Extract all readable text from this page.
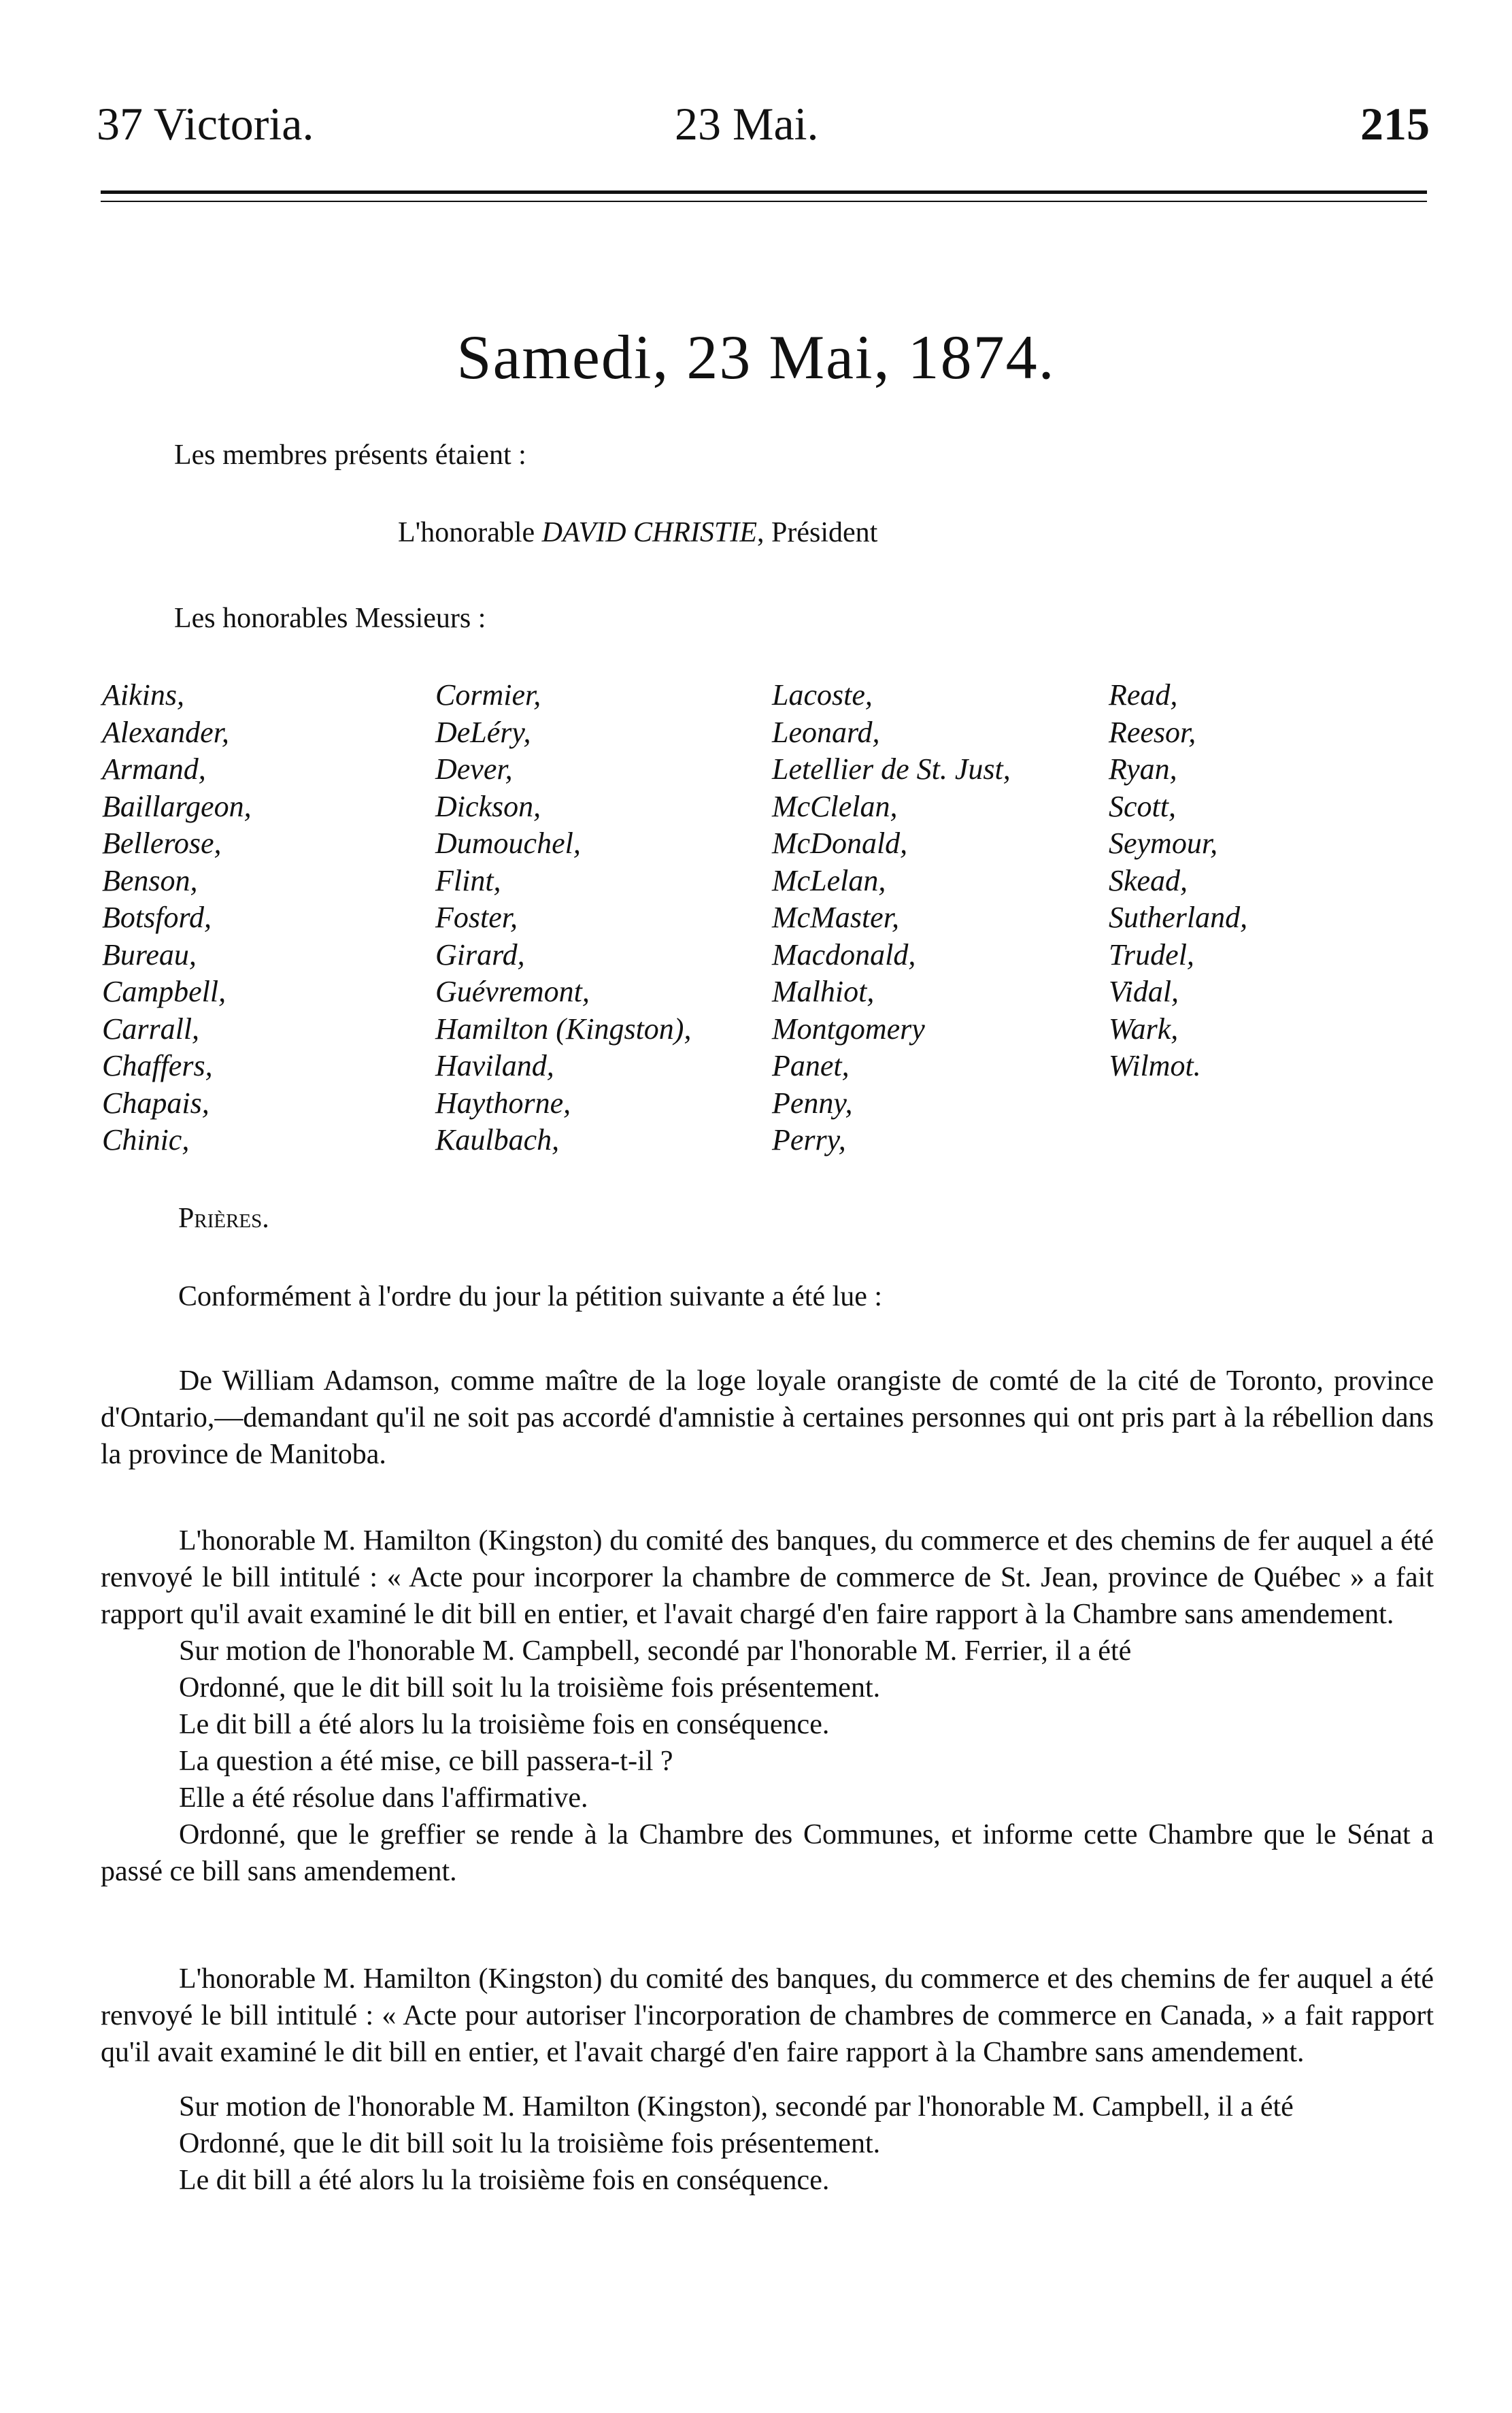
37 Victoria.	23 Mai.	215
Samedi, 23 Mai, 1874.
Les membres présents étaient :
L'honorable DAVID CHRISTIE, Président
Les honorables Messieurs :
Aikins,
Alexander,
Armand,
Baillargeon,
Bellerose,
Benson,
Botsford,
Bureau,
Campbell,
Carrall,
Chaffers,
Chapais,
Chinic,
Cormier,
DeLéry,
Dever,
Dickson,
Dumouchel,
Flint,
Foster,
Girard,
Guévremont,
Hamilton (Kingston),
Haviland,
Haythorne,
Kaulbach,
Lacoste,
Leonard,
Letellier de St. Just,
McClelan,
McDonald,
McLelan,
McMaster,
Macdonald,
Malhiot,
Montgomery
Panet,
Penny,
Perry,
Read,
Reesor,
Ryan,
Scott,
Seymour,
Skead,
Sutherland,
Trudel,
Vidal,
Wark,
Wilmot.
Prières.
Conformément à l'ordre du jour la pétition suivante a été lue :

De William Adamson, comme maître de la loge loyale orangiste de comté de la cité de Toronto, province d'Ontario,—demandant qu'il ne soit pas accordé d'amnistie à certaines personnes qui ont pris part à la rébellion dans la province de Manitoba.

L'honorable M. Hamilton (Kingston) du comité des banques, du commerce et des chemins de fer auquel a été renvoyé le bill intitulé : « Acte pour incorporer la chambre de commerce de St. Jean, province de Québec » a fait rapport qu'il avait examiné le dit bill en entier, et l'avait chargé d'en faire rapport à la Chambre sans amendement.

Sur motion de l'honorable M. Campbell, secondé par l'honorable M. Ferrier, il a été

Ordonné, que le dit bill soit lu la troisième fois présentement.

Le dit bill a été alors lu la troisième fois en conséquence.

La question a été mise, ce bill passera-t-il ?

Elle a été résolue dans l'affirmative.

Ordonné, que le greffier se rende à la Chambre des Communes, et informe cette Chambre que le Sénat a passé ce bill sans amendement.

L'honorable M. Hamilton (Kingston) du comité des banques, du commerce et des chemins de fer auquel a été renvoyé le bill intitulé : « Acte pour autoriser l'incorporation de chambres de commerce en Canada, » a fait rapport qu'il avait examiné le dit bill en entier, et l'avait chargé d'en faire rapport à la Chambre sans amendement.

Sur motion de l'honorable M. Hamilton (Kingston), secondé par l'honorable M. Campbell, il a été

Ordonné, que le dit bill soit lu la troisième fois présentement.

Le dit bill a été alors lu la troisième fois en conséquence.
